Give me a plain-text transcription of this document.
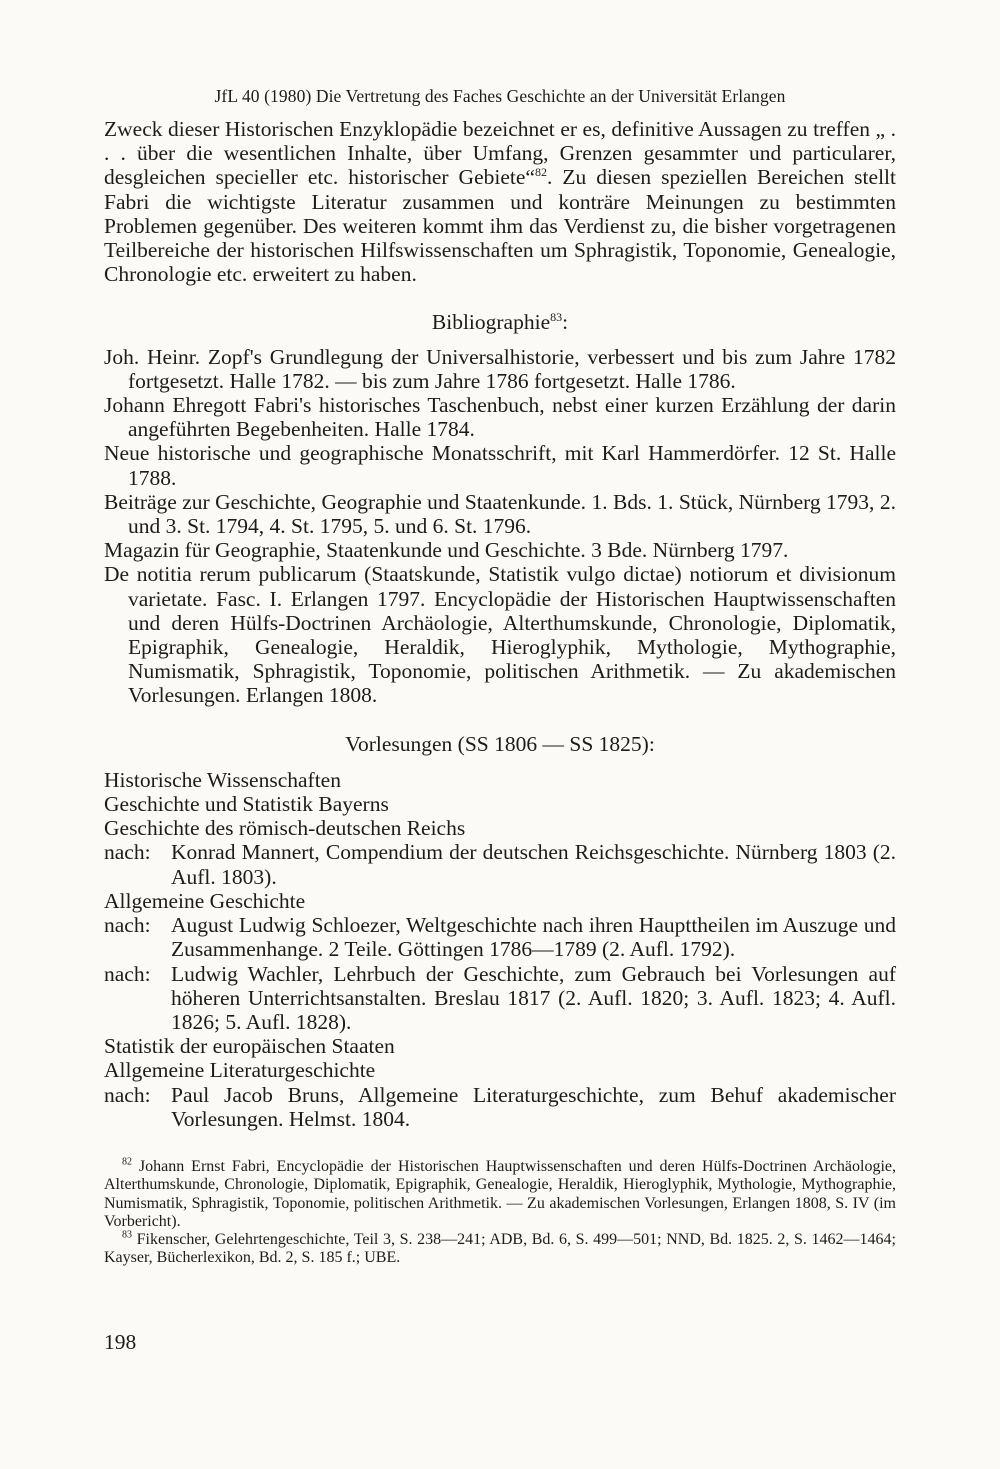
JfL 40 (1980) Die Vertretung des Faches Geschichte an der Universität Erlangen

Zweck dieser Historischen Enzyklopädie bezeichnet er es, definitive Aussagen zu treffen „ . . . über die wesentlichen Inhalte, über Umfang, Grenzen gesammter und particularer, desgleichen specieller etc. historischer Gebiete“$^{82}$. Zu diesen speziellen Bereichen stellt Fabri die wichtigste Literatur zusammen und konträre Meinungen zu bestimmten Problemen gegenüber. Des weiteren kommt ihm das Verdienst zu, die bisher vorgetragenen Teilbereiche der historischen Hilfswissenschaften um Sphragistik, Toponomie, Genealogie, Chronologie etc. erweitert zu haben.

Bibliographie$^{83}$:

Joh. Heinr. Zopf's Grundlegung der Universalhistorie, verbessert und bis zum Jahre 1782 fortgesetzt. Halle 1782. — bis zum Jahre 1786 fortgesetzt. Halle 1786.

Johann Ehregott Fabri's historisches Taschenbuch, nebst einer kurzen Erzählung der darin angeführten Begebenheiten. Halle 1784.

Neue historische und geographische Monatsschrift, mit Karl Hammerdörfer. 12 St. Halle 1788.

Beiträge zur Geschichte, Geographie und Staatenkunde. 1. Bds. 1. Stück, Nürnberg 1793, 2. und 3. St. 1794, 4. St. 1795, 5. und 6. St. 1796.

Magazin für Geographie, Staatenkunde und Geschichte. 3 Bde. Nürnberg 1797.

De notitia rerum publicarum (Staatskunde, Statistik vulgo dictae) notiorum et divisionum varietate. Fasc. I. Erlangen 1797. Encyclopädie der Historischen Hauptwissenschaften und deren Hülfs-Doctrinen Archäologie, Alterthumskunde, Chronologie, Diplomatik, Epigraphik, Genealogie, Heraldik, Hieroglyphik, Mythologie, Mythographie, Numismatik, Sphragistik, Toponomie, politischen Arithmetik. — Zu akademischen Vorlesungen. Erlangen 1808.

Vorlesungen (SS 1806 — SS 1825):

Historische Wissenschaften
Geschichte und Statistik Bayerns
Geschichte des römisch-deutschen Reichs
nach: Konrad Mannert, Compendium der deutschen Reichsgeschichte. Nürnberg 1803 (2. Aufl. 1803).
Allgemeine Geschichte
nach: August Ludwig Schloezer, Weltgeschichte nach ihren Haupttheilen im Auszuge und Zusammenhange. 2 Teile. Göttingen 1786—1789 (2. Aufl. 1792).
nach: Ludwig Wachler, Lehrbuch der Geschichte, zum Gebrauch bei Vorlesungen auf höheren Unterrichtsanstalten. Breslau 1817 (2. Aufl. 1820; 3. Aufl. 1823; 4. Aufl. 1826; 5. Aufl. 1828).
Statistik der europäischen Staaten
Allgemeine Literaturgeschichte
nach: Paul Jacob Bruns, Allgemeine Literaturgeschichte, zum Behuf akademischer Vorlesungen. Helmst. 1804.

$^{82}$ Johann Ernst Fabri, Encyclopädie der Historischen Hauptwissenschaften und deren Hülfs-Doctrinen Archäologie, Alterthumskunde, Chronologie, Diplomatik, Epigraphik, Genealogie, Heraldik, Hieroglyphik, Mythologie, Mythographie, Numismatik, Sphragistik, Toponomie, politischen Arithmetik. — Zu akademischen Vorlesungen, Erlangen 1808, S. IV (im Vorbericht).

$^{83}$ Fikenscher, Gelehrtengeschichte, Teil 3, S. 238—241; ADB, Bd. 6, S. 499—501; NND, Bd. 1825. 2, S. 1462—1464; Kayser, Bücherlexikon, Bd. 2, S. 185 f.; UBE.

198
